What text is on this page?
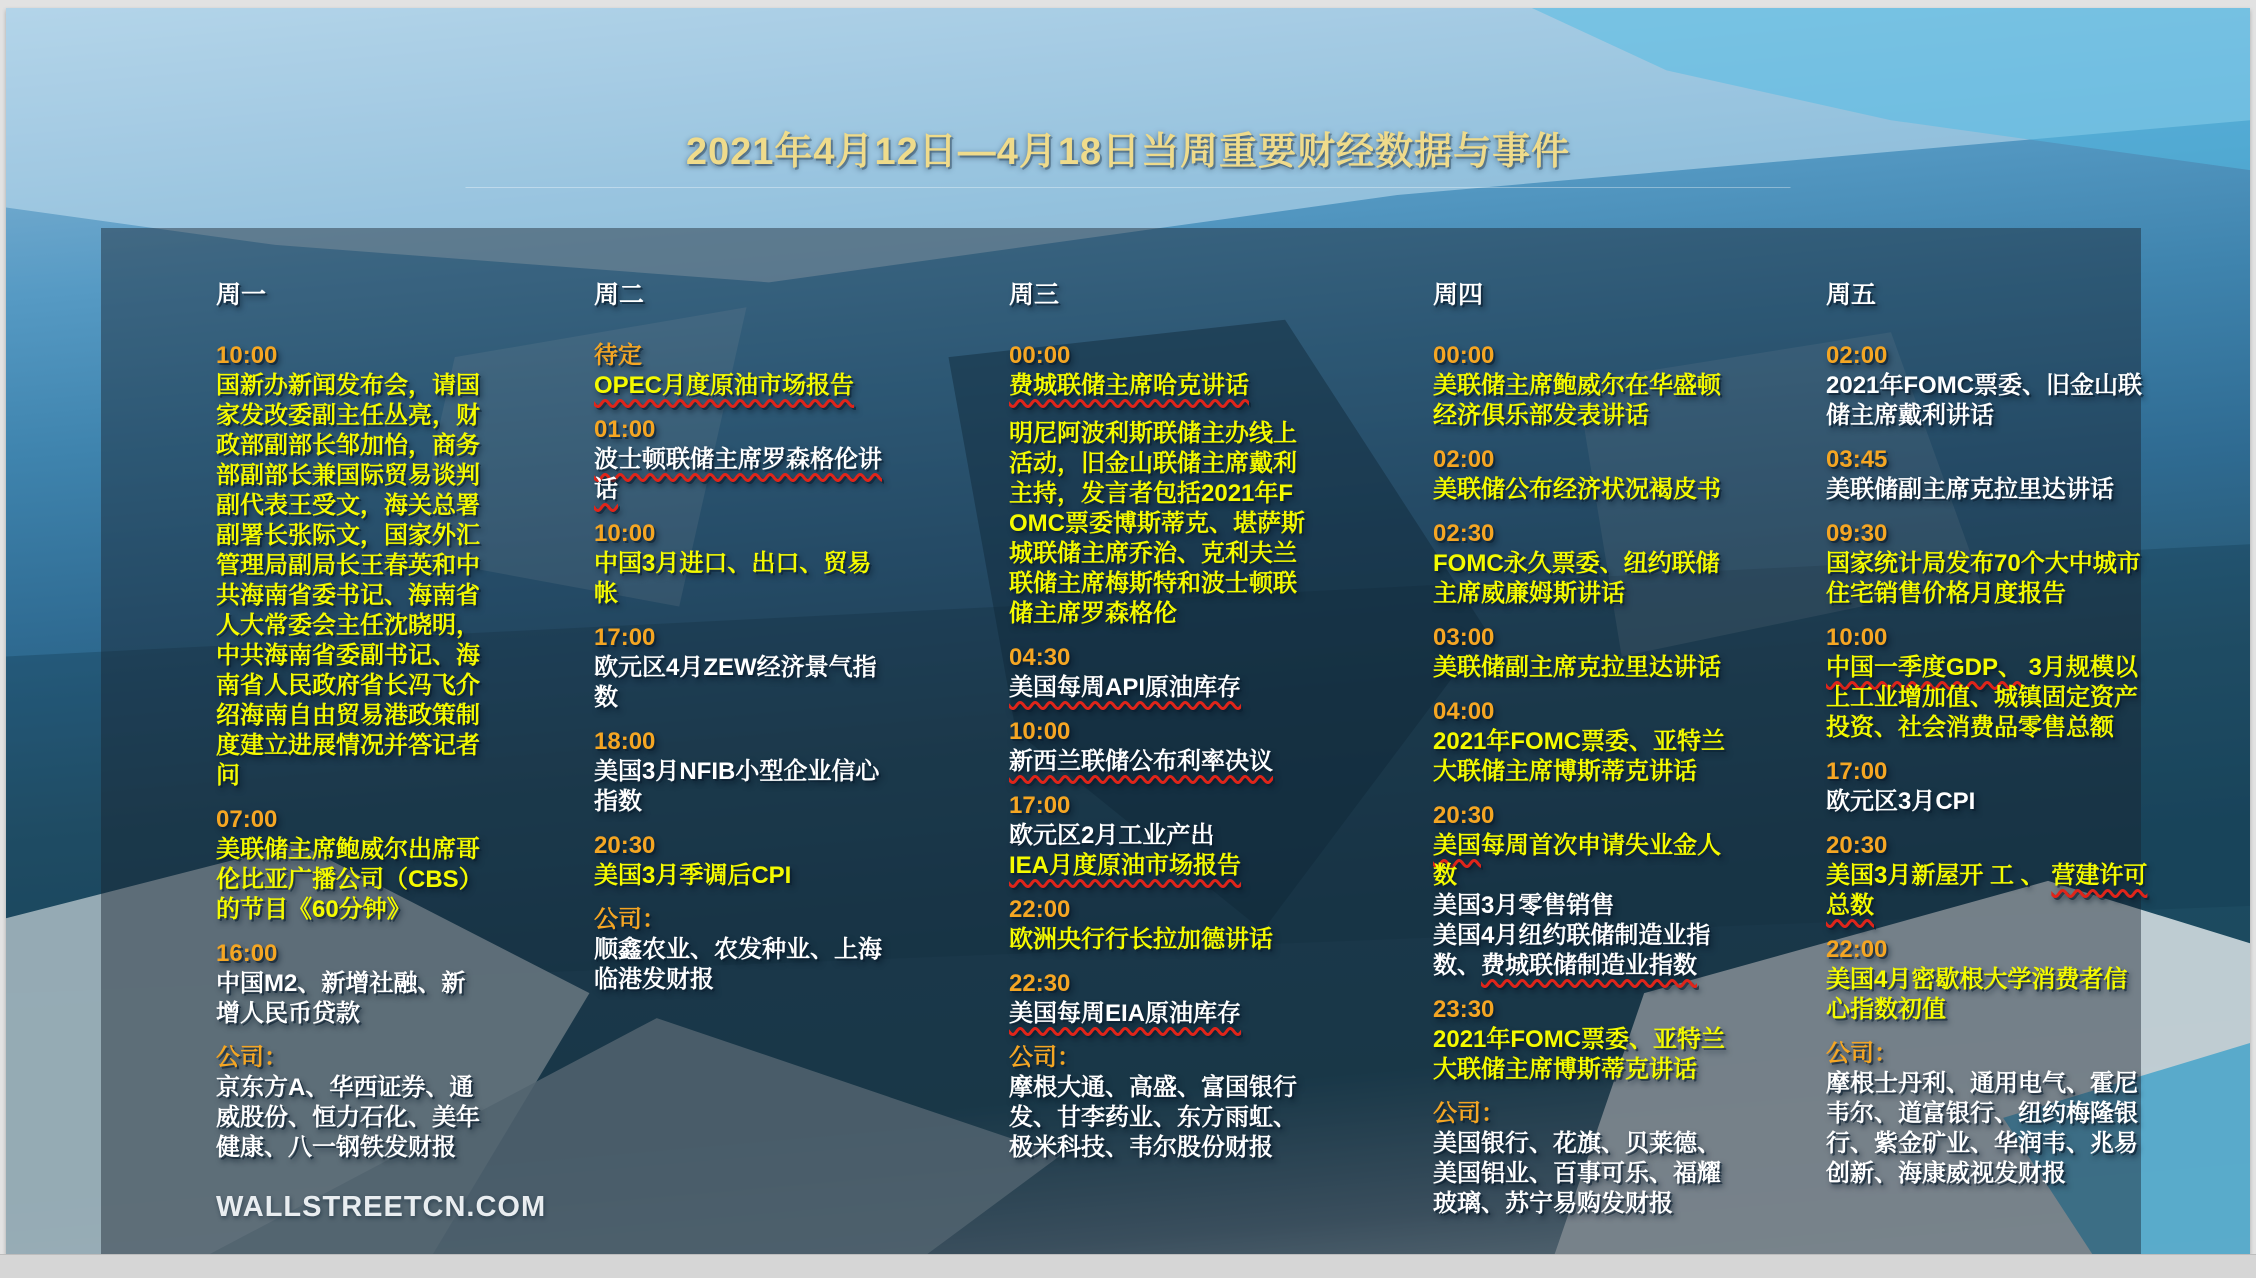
2021年4月12日—4月18日当周重要财经数据与事件
周一
10:00

国新办新闻发布会，请国家发改委副主任丛亮，财政部副部长邹加怡，商务部副部长兼国际贸易谈判副代表王受文，海关总署副署长张际文，国家外汇管理局副局长王春英和中共海南省委书记、海南省人大常委会主任沈晓明，中共海南省委副书记、海南省人民政府省长冯飞介绍海南自由贸易港政策制度建立进展情况并答记者问

07:00

美联储主席鲍威尔出席哥伦比亚广播公司（CBS）的节目《60分钟》

16:00

中国M2、新增社融、新增人民币贷款

公司：

京东方A、华西证券、通威股份、恒力石化、美年健康、八一钢铁发财报

WALLSTREETCN.COM
周二
待定

OPEC月度原油市场报告

01:00

波士顿联储主席罗森格伦讲话

10:00

中国3月进口、出口、贸易帐

17:00

欧元区4月ZEW经济景气指数

18:00

美国3月NFIB小型企业信心指数

20:30

美国3月季调后CPI

公司：

顺鑫农业、农发种业、上海临港发财报

周三
00:00

费城联储主席哈克讲话

明尼阿波利斯联储主办线上活动，旧金山联储主席戴利主持，发言者包括2021年FOMC票委博斯蒂克、堪萨斯城联储主席乔治、克利夫兰联储主席梅斯特和波士顿联储主席罗森格伦

04:30

美国每周API原油库存

10:00

新西兰联储公布利率决议

17:00

欧元区2月工业产出

IEA月度原油市场报告

22:00

欧洲央行行长拉加德讲话

22:30

美国每周EIA原油库存

公司：

摩根大通、高盛、富国银行发、甘李药业、东方雨虹、极米科技、韦尔股份财报

周四
00:00

美联储主席鲍威尔在华盛顿经济俱乐部发表讲话

02:00

美联储公布经济状况褐皮书

02:30

FOMC永久票委、纽约联储主席威廉姆斯讲话

03:00

美联储副主席克拉里达讲话

04:00

2021年FOMC票委、亚特兰大联储主席博斯蒂克讲话

20:30

美国每周首次申请失业金人数

美国3月零售销售

美国4月纽约联储制造业指数、费城联储制造业指数

23:30

2021年FOMC票委、亚特兰大联储主席博斯蒂克讲话

公司：

美国银行、花旗、贝莱德、美国铝业、百事可乐、福耀玻璃、苏宁易购发财报

周五
02:00

2021年FOMC票委、旧金山联储主席戴利讲话

03:45

美联储副主席克拉里达讲话

09:30

国家统计局发布70个大中城市住宅销售价格月度报告

10:00

中国一季度GDP、 3月规模以上工业增加值、城镇固定资产投资、社会消费品零售总额

17:00

欧元区3月CPI

20:30

美国3月新屋开 工 、 营建许可总数

22:00

美国4月密歇根大学消费者信心指数初值

公司：

摩根士丹利、通用电气、霍尼韦尔、道富银行、纽约梅隆银行、紫金矿业、华润韦、兆易创新、海康威视发财报
